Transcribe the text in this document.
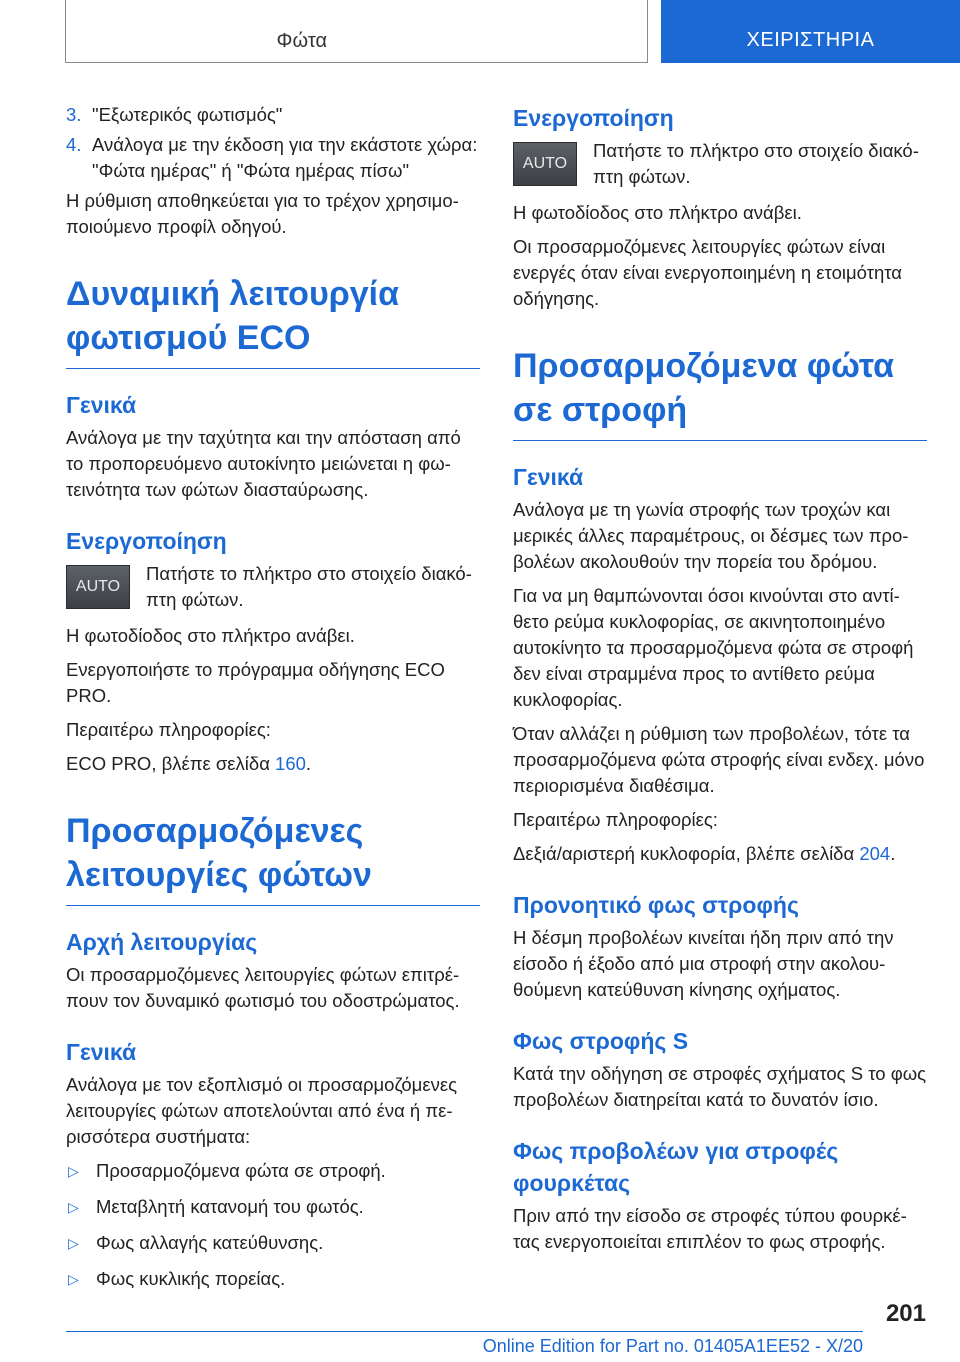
Φώτα	ΧΕΙΡΙΣΤΗΡΙΑ
3. "Εξωτερικός φωτισμός"
4. Ανάλογα με την έκδοση για την εκάστοτε χώρα: "Φώτα ημέρας" ή "Φώτα ημέρας πίσω"

Η ρύθμιση αποθηκεύεται για το τρέχον χρησιμο-ποιούμενο προφίλ οδηγού.

Δυναμική λειτουργία φωτισμού ECO
Γενικά

Ανάλογα με την ταχύτητα και την απόσταση από το προπορευόμενο αυτοκίνητο μειώνεται η φω-τεινότητα των φώτων διασταύρωσης.

Ενεργοποίηση
AUTO

Πατήστε το πλήκτρο στο στοιχείο διακό-πτη φώτων.

Η φωτοδίοδος στο πλήκτρο ανάβει.

Ενεργοποιήστε το πρόγραμμα οδήγησης ECO PRO.

Περαιτέρω πληροφορίες:

ECO PRO, βλέπε σελίδα 160.

Προσαρμοζόμενες λειτουργίες φώτων
Αρχή λειτουργίας

Οι προσαρμοζόμενες λειτουργίες φώτων επιτρέ-πουν τον δυναμικό φωτισμό του οδοστρώματος.

Γενικά

Ανάλογα με τον εξοπλισμό οι προσαρμοζόμενες λειτουργίες φώτων αποτελούνται από ένα ή πε-ρισσότερα συστήματα:

▷ Προσαρμοζόμενα φώτα σε στροφή.
▷ Μεταβλητή κατανομή του φωτός.
▷ Φως αλλαγής κατεύθυνσης.
▷ Φως κυκλικής πορείας.
Ενεργοποίηση
AUTO

Πατήστε το πλήκτρο στο στοιχείο διακό-πτη φώτων.

Η φωτοδίοδος στο πλήκτρο ανάβει.

Οι προσαρμοζόμενες λειτουργίες φώτων είναι ενεργές όταν είναι ενεργοποιημένη η ετοιμότητα οδήγησης.

Προσαρμοζόμενα φώτα σε στροφή
Γενικά

Ανάλογα με τη γωνία στροφής των τροχών και μερικές άλλες παραμέτρους, οι δέσμες των προ-βολέων ακολουθούν την πορεία του δρόμου.

Για να μη θαμπώνονται όσοι κινούνται στο αντί-θετο ρεύμα κυκλοφορίας, σε ακινητοποιημένο αυτοκίνητο τα προσαρμοζόμενα φώτα σε στροφή δεν είναι στραμμένα προς το αντίθετο ρεύμα κυκλοφορίας.

Όταν αλλάζει η ρύθμιση των προβολέων, τότε τα προσαρμοζόμενα φώτα στροφής είναι ενδεχ. μόνο περιορισμένα διαθέσιμα.

Περαιτέρω πληροφορίες:

Δεξιά/αριστερή κυκλοφορία, βλέπε σελίδα 204.

Προνοητικό φως στροφής

Η δέσμη προβολέων κινείται ήδη πριν από την είσοδο ή έξοδο από μια στροφή στην ακολου-θούμενη κατεύθυνση κίνησης οχήματος.

Φως στροφής S

Κατά την οδήγηση σε στροφές σχήματος S το φως προβολέων διατηρείται κατά το δυνατόν ίσιο.

Φως προβολέων για στροφές φουρκέτας

Πριν από την είσοδο σε στροφές τύπου φουρκέ-τας ενεργοποιείται επιπλέον το φως στροφής.

201
Online Edition for Part no. 01405A1EE52 - X/20
